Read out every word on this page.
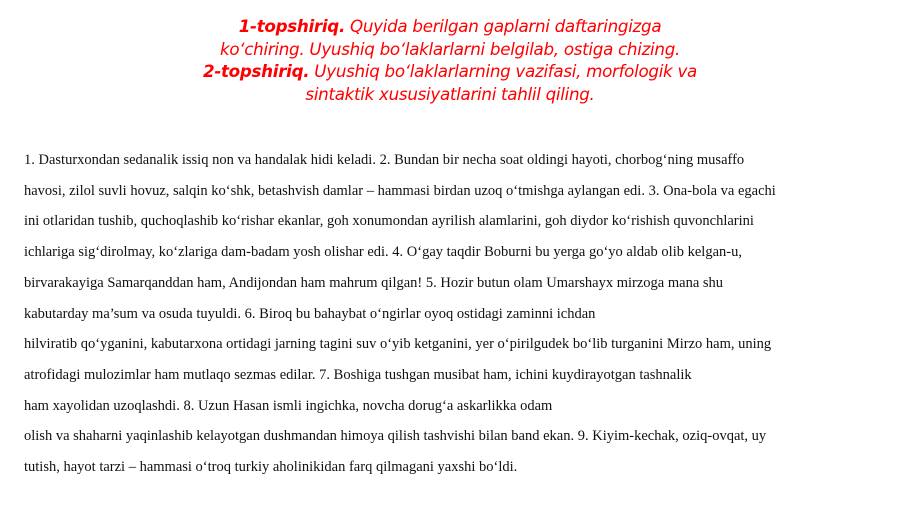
1-topshiriq. Quyida berilgan gaplarni daftaringizga
ko‘chiring. Uyushiq bo‘laklarlarni belgilab, ostiga chizing.
2-topshiriq. Uyushiq bo‘laklarlarning vazifasi, morfologik va
sintaktik xususiyatlarini tahlil qiling.
1. Dasturxondan sedanalik issiq non va handalak hidi keladi. 2. Bundan bir necha soat oldingi hayoti, chorbog‘ning musaffo
havosi, zilol suvli hovuz, salqin ko‘shk, betashvish damlar – hammasi birdan uzoq o‘tmishga aylangan edi. 3. Ona-bola va egachi
ini otlaridan tushib, quchoqlashib ko‘rishar ekanlar, goh xonumondan ayrilish alamlarini, goh diydor ko‘rishish quvonchlarini
ichlariga sig‘dirolmay, ko‘zlariga dam-badam yosh olishar edi. 4. O‘gay taqdir Boburni bu yerga go‘yo aldab olib kelgan-u,
birvarakayiga Samarqanddan ham, Andijondan ham mahrum qilgan! 5. Hozir butun olam Umarshayx mirzoga mana shu
kabutarday ma’sum va osuda tuyuldi. 6. Biroq bu bahaybat o‘ngirlar oyoq ostidagi zaminni ichdan
hilviratib qo‘yganini, kabutarxona ortidagi jarning tagini suv o‘yib ketganini, yer o‘pirilgudek bo‘lib turganini Mirzo ham, uning
atrofidagi mulozimlar ham mutlaqo sezmas edilar. 7. Boshiga tushgan musibat ham, ichini kuydirayotgan tashnalik
ham xayolidan uzoqlashdi. 8. Uzun Hasan ismli ingichka, novcha dorug‘a askarlikka odam
olish va shaharni yaqinlashib kelayotgan dushmandan himoya qilish tashvishi bilan band ekan. 9. Kiyim-kechak, oziq-ovqat, uy
tutish, hayot tarzi – hammasi o‘troq turkiy aholinikidan farq qilmagani yaxshi bo‘ldi.
